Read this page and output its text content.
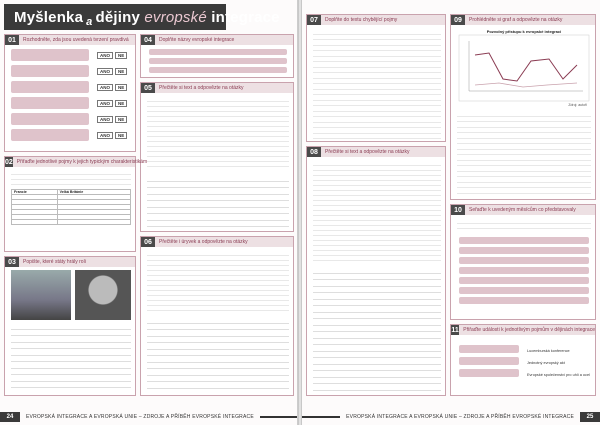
Myšlenka $_a$ dějiny evropské integrace
01	Rozhodněte, zda jsou uvedená tvrzení pravdivá
ANO NE
ANO NE
ANO NE
ANO NE
ANO NE
ANO NE
04	Doplňte názvy evropské integrace
05	Přečtěte si text a odpovězte na otázky
02 Přiřaďte jednotlivé pojmy k jejich typickým charakteristikám
Francie	Velká Británie

06	Přečtěte i úryvek a odpovězte na otázky
03	Popište, které státy hrály roli
24	EVROPSKÁ INTEGRACE A EVROPSKÁ UNIE – ZDROJE A PŘÍBĚH EVROPSKÉ INTEGRACE
07	Doplňte do textu chybějící pojmy	09	Prohlédněte si graf a odpovězte na otázky
Pozvolný přistupu k evropské integraci
Zdroj: autoři
08	Přečtěte si text a odpovězte na otázky
10	Seřaďte k uvedeným měsícům co představovaly
11 Přiřaďte události k jednotlivým pojmům v dějinách integrace
Lucemburská konference
Jednotný evropský akt
Evropské společenství pro uhlí a ocel
EVROPSKÁ INTEGRACE A EVROPSKÁ UNIE – ZDROJE A PŘÍBĚH EVROPSKÉ INTEGRACE	25
